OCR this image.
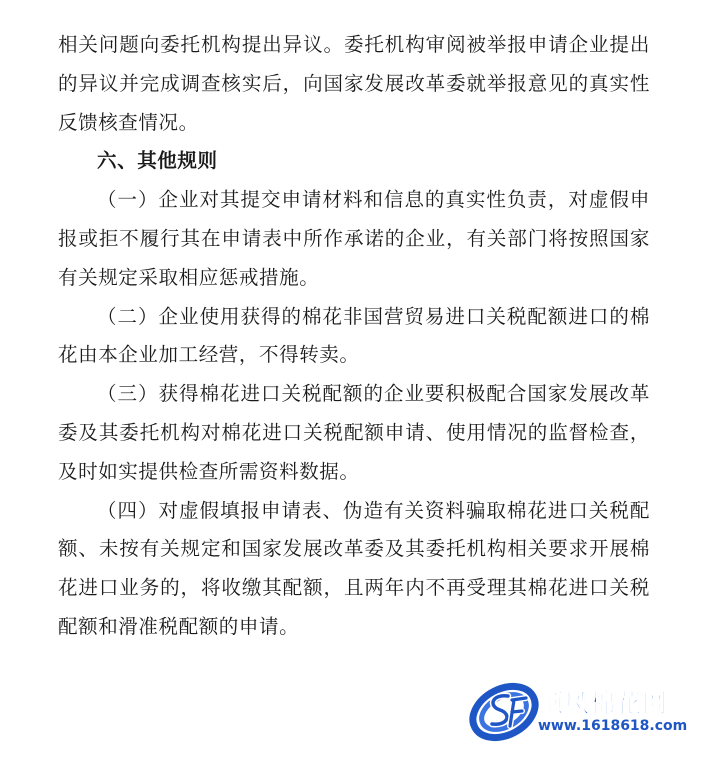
相关问题向委托机构提出异议。委托机构审阅被举报申请企业提出的异议并完成调查核实后，向国家发展改革委就举报意见的真实性反馈核查情况。

六、其他规则

（一）企业对其提交申请材料和信息的真实性负责，对虚假申报或拒不履行其在申请表中所作承诺的企业，有关部门将按照国家有关规定采取相应惩戒措施。

（二）企业使用获得的棉花非国营贸易进口关税配额进口的棉花由本企业加工经营，不得转卖。

（三）获得棉花进口关税配额的企业要积极配合国家发展改革委及其委托机构对棉花进口关税配额申请、使用情况的监督检查，及时如实提供检查所需资料数据。

（四）对虚假填报申请表、伪造有关资料骗取棉花进口关税配额、未按有关规定和国家发展改革委及其委托机构相关要求开展棉花进口业务的，将收缴其配额，且两年内不再受理其棉花进口关税配额和滑准税配额的申请。

顺风棉花网
www.1618618.com
